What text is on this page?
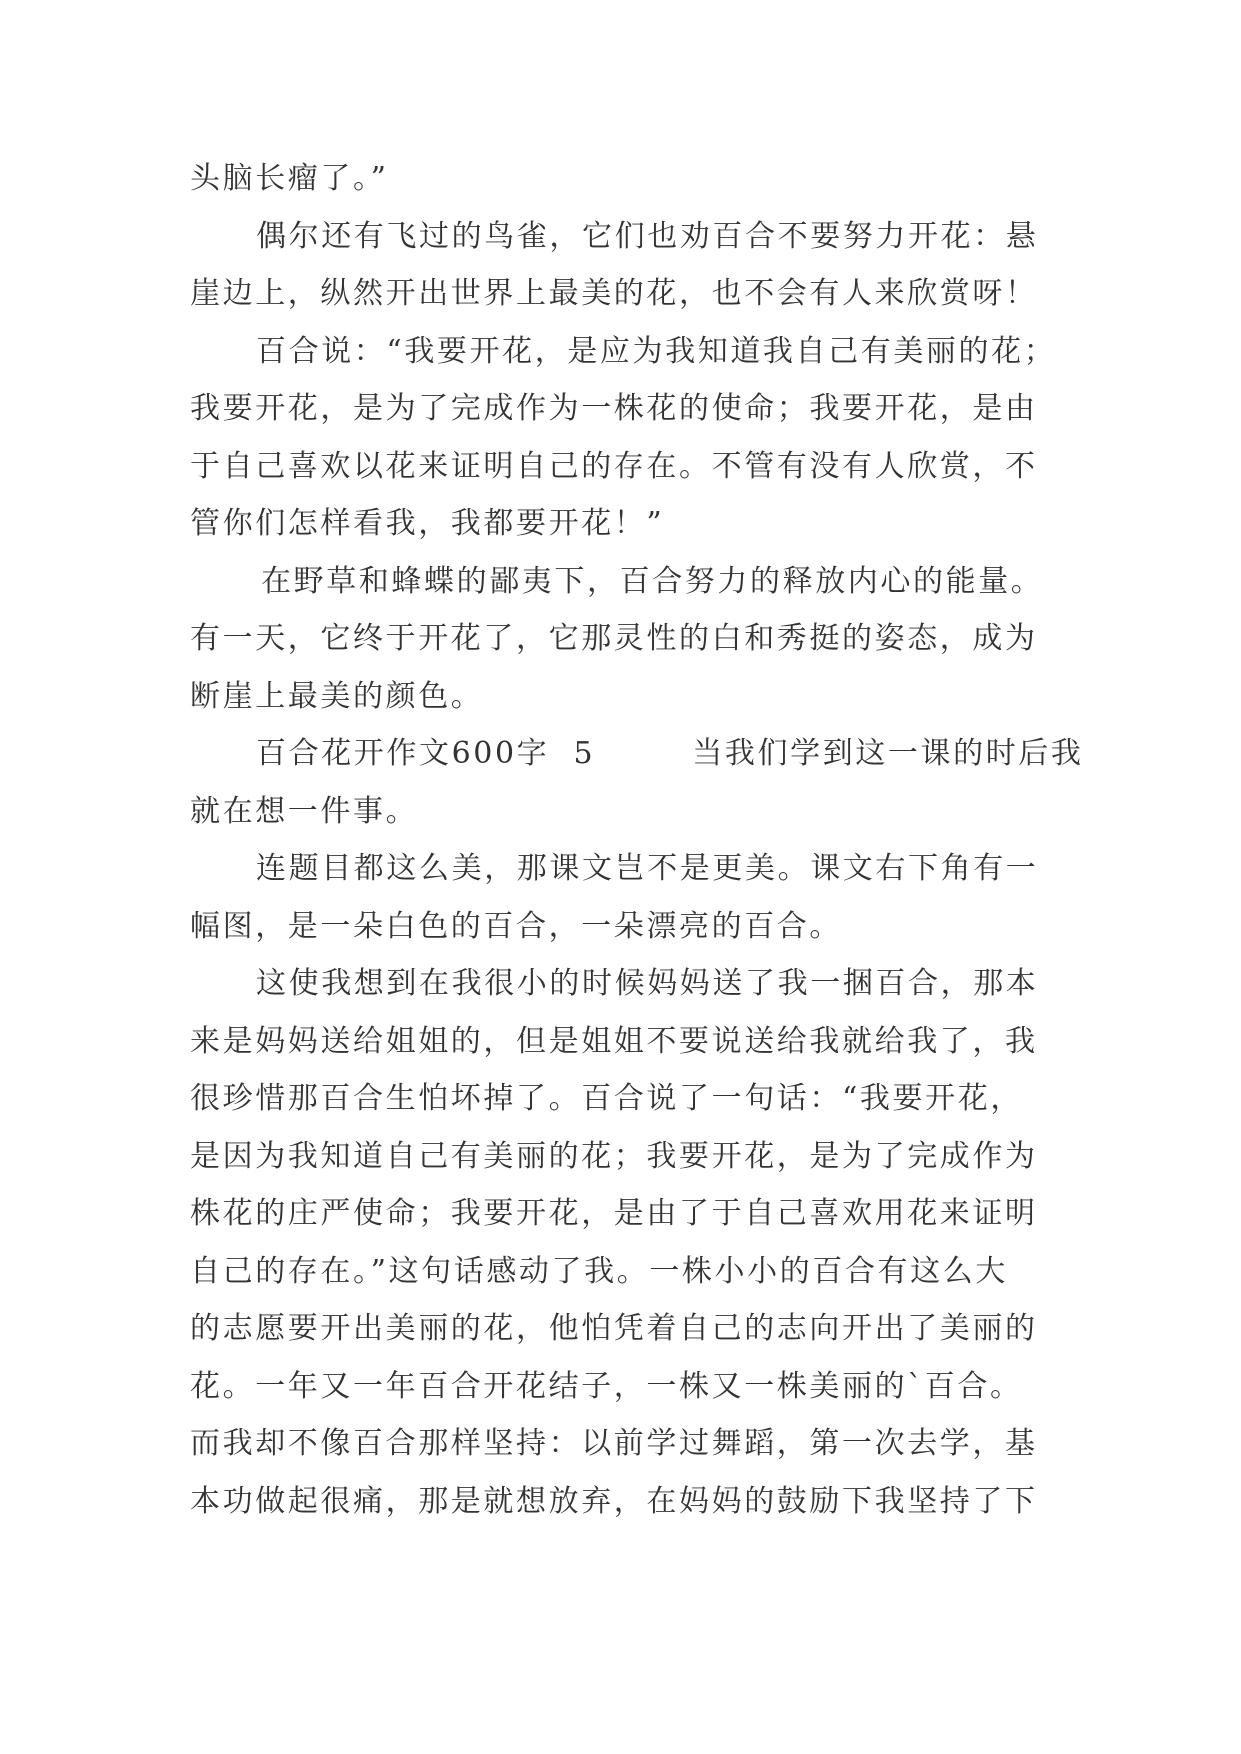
头脑长瘤了。”

偶尔还有飞过的鸟雀，它们也劝百合不要努力开花：悬

崖边上，纵然开出世界上最美的花，也不会有人来欣赏呀！

百合说：“我要开花，是应为我知道我自己有美丽的花；

我要开花，是为了完成作为一株花的使命；我要开花，是由

于自己喜欢以花来证明自己的存在。不管有没有人欣赏，不

管你们怎样看我，我都要开花！”

在野草和蜂蝶的鄙夷下，百合努力的释放内心的能量。

有一天，它终于开花了，它那灵性的白和秀挺的姿态，成为

断崖上最美的颜色。

百合花开作文600字  5        当我们学到这一课的时后我

就在想一件事。

连题目都这么美，那课文岂不是更美。课文右下角有一

幅图，是一朵白色的百合，一朵漂亮的百合。

这使我想到在我很小的时候妈妈送了我一捆百合，那本

来是妈妈送给姐姐的，但是姐姐不要说送给我就给我了，我

很珍惜那百合生怕坏掉了。百合说了一句话：“我要开花，

是因为我知道自己有美丽的花；我要开花，是为了完成作为

株花的庄严使命；我要开花，是由了于自己喜欢用花来证明

自己的存在。”这句话感动了我。一株小小的百合有这么大

的志愿要开出美丽的花，他怕凭着自己的志向开出了美丽的

花。一年又一年百合开花结子，一株又一株美丽的`百合。

而我却不像百合那样坚持：以前学过舞蹈，第一次去学，基

本功做起很痛，那是就想放弃，在妈妈的鼓励下我坚持了下
